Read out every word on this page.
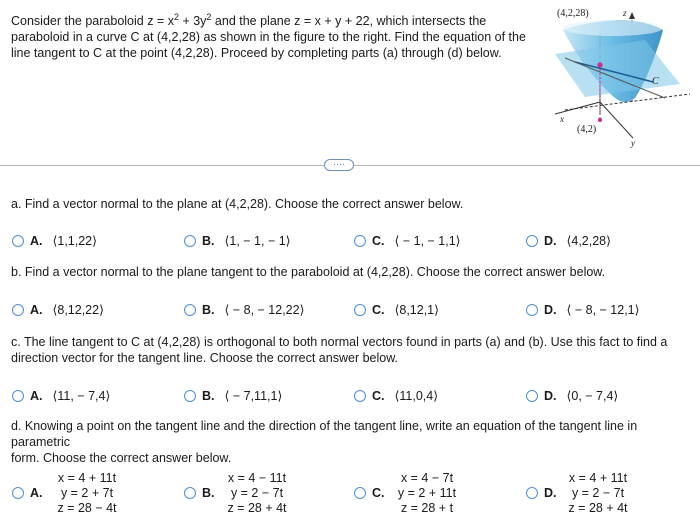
Consider the paraboloid $z = x^2 + 3y^2$ and the plane z = x + y + 22, which intersects the
paraboloid in a curve C at (4,2,28) as shown in the figure to the right. Find the equation of the
line tangent to C at the point (4,2,28). Proceed by completing parts (a) through (d) below.
(4,2,28)	z
C
x
y
(4,2)
····
a. Find a vector normal to the plane at (4,2,28). Choose the correct answer below.
A. ⟨1,1,22⟩	B. ⟨1, − 1, − 1⟩	C. ⟨ − 1, − 1,1⟩	D. ⟨4,2,28⟩
b. Find a vector normal to the plane tangent to the paraboloid at (4,2,28). Choose the correct answer below.
A. ⟨8,12,22⟩	B. ⟨ − 8, − 12,22⟩	C. ⟨8,12,1⟩	D. ⟨ − 8, − 12,1⟩
c. The line tangent to C at (4,2,28) is orthogonal to both normal vectors found in parts (a) and (b). Use this fact to find a
direction vector for the tangent line. Choose the correct answer below.
A. ⟨11, − 7,4⟩	B. ⟨ − 7,11,1⟩	C. ⟨11,0,4⟩	D. ⟨0, − 7,4⟩
d. Knowing a point on the tangent line and the direction of the tangent line, write an equation of the tangent line in parametric
form. Choose the correct answer below.
A.
x = 4 + 11t
y = 2 + 7t
z = 28 − 4t
B.
x = 4 − 11t
y = 2 − 7t
z = 28 + 4t
C.
x = 4 − 7t
y = 2 + 11t
z = 28 + t
D.
x = 4 + 11t
y = 2 − 7t
z = 28 + 4t
